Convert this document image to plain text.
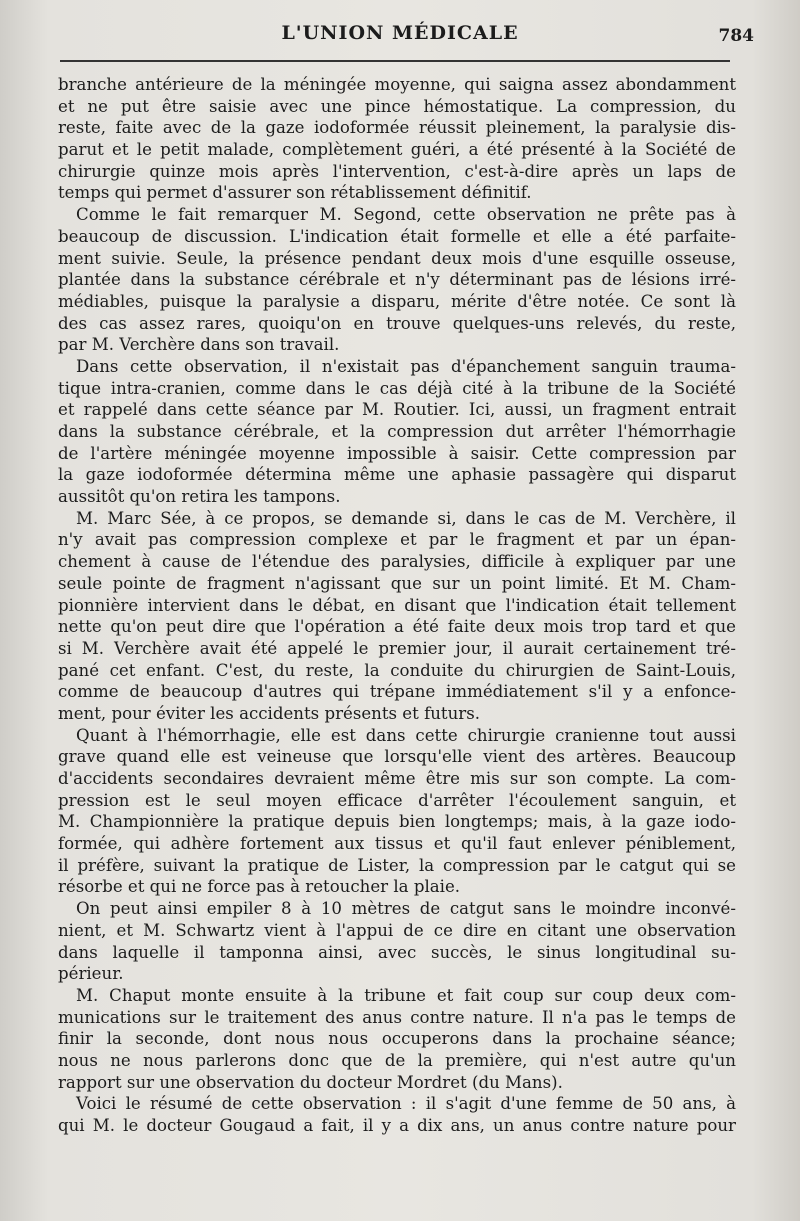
L'UNION MÉDICALE	784
branche antérieure de la méningée moyenne, qui saigna assez abondamment
et ne put être saisie avec une pince hémostatique. La compression, du
reste, faite avec de la gaze iodoformée réussit pleinement, la paralysie dis-
parut et le petit malade, complètement guéri, a été présenté à la Société de
chirurgie quinze mois après l'intervention, c'est-à-dire après un laps de
temps qui permet d'assurer son rétablissement définitif.
Comme le fait remarquer M. Segond, cette observation ne prête pas à
beaucoup de discussion. L'indication était formelle et elle a été parfaite-
ment suivie. Seule, la présence pendant deux mois d'une esquille osseuse,
plantée dans la substance cérébrale et n'y déterminant pas de lésions irré-
médiables, puisque la paralysie a disparu, mérite d'être notée. Ce sont là
des cas assez rares, quoiqu'on en trouve quelques-uns relevés, du reste,
par M. Verchère dans son travail.
Dans cette observation, il n'existait pas d'épanchement sanguin trauma-
tique intra-cranien, comme dans le cas déjà cité à la tribune de la Société
et rappelé dans cette séance par M. Routier. Ici, aussi, un fragment entrait
dans la substance cérébrale, et la compression dut arrêter l'hémorrhagie
de l'artère méningée moyenne impossible à saisir. Cette compression par
la gaze iodoformée détermina même une aphasie passagère qui disparut
aussitôt qu'on retira les tampons.
M. Marc Sée, à ce propos, se demande si, dans le cas de M. Verchère, il
n'y avait pas compression complexe et par le fragment et par un épan-
chement à cause de l'étendue des paralysies, difficile à expliquer par une
seule pointe de fragment n'agissant que sur un point limité. Et M. Cham-
pionnière intervient dans le débat, en disant que l'indication était tellement
nette qu'on peut dire que l'opération a été faite deux mois trop tard et que
si M. Verchère avait été appelé le premier jour, il aurait certainement tré-
pané cet enfant. C'est, du reste, la conduite du chirurgien de Saint-Louis,
comme de beaucoup d'autres qui trépane immédiatement s'il y a enfonce-
ment, pour éviter les accidents présents et futurs.
Quant à l'hémorrhagie, elle est dans cette chirurgie cranienne tout aussi
grave quand elle est veineuse que lorsqu'elle vient des artères. Beaucoup
d'accidents secondaires devraient même être mis sur son compte. La com-
pression est le seul moyen efficace d'arrêter l'écoulement sanguin, et
M. Championnière la pratique depuis bien longtemps; mais, à la gaze iodo-
formée, qui adhère fortement aux tissus et qu'il faut enlever péniblement,
il préfère, suivant la pratique de Lister, la compression par le catgut qui se
résorbe et qui ne force pas à retoucher la plaie.
On peut ainsi empiler 8 à 10 mètres de catgut sans le moindre inconvé-
nient, et M. Schwartz vient à l'appui de ce dire en citant une observation
dans laquelle il tamponna ainsi, avec succès, le sinus longitudinal su-
périeur.
M. Chaput monte ensuite à la tribune et fait coup sur coup deux com-
munications sur le traitement des anus contre nature. Il n'a pas le temps de
finir la seconde, dont nous nous occuperons dans la prochaine séance;
nous ne nous parlerons donc que de la première, qui n'est autre qu'un
rapport sur une observation du docteur Mordret (du Mans).
Voici le résumé de cette observation : il s'agit d'une femme de 50 ans, à
qui M. le docteur Gougaud a fait, il y a dix ans, un anus contre nature pour
